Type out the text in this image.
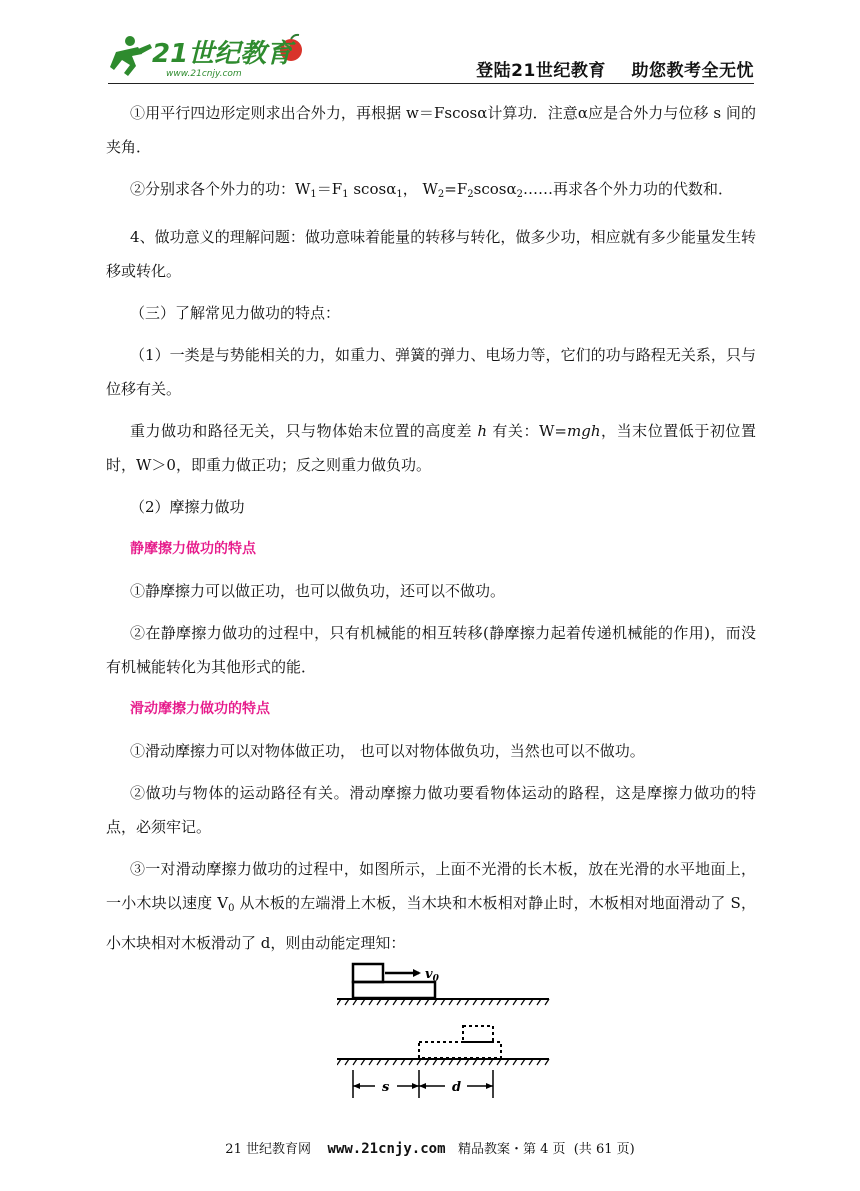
21世纪教育
www.21cnjy.com	登陆21世纪教育    助您教考全无忧

①用平行四边形定则求出合外力，再根据 w＝Fscosα计算功．注意α应是合外力与位移 s 间的夹角．

②分别求各个外力的功：$W_1=F_1$ scosα$_1$， $W_2=F_2scos\alpha_2\dots\dots$再求各个外力功的代数和．

4、做功意义的理解问题：做功意味着能量的转移与转化，做多少功，相应就有多少能量发生转移或转化。

（三）了解常见力做功的特点：

（1）一类是与势能相关的力，如重力、弹簧的弹力、电场力等，它们的功与路程无关系，只与位移有关。

重力做功和路径无关，只与物体始末位置的高度差 h 有关：W=mgh，当末位置低于初位置时，W＞0，即重力做正功；反之则重力做负功。

（2）摩擦力做功

静摩擦力做功的特点

①静摩擦力可以做正功，也可以做负功，还可以不做功。

②在静摩擦力做功的过程中，只有机械能的相互转移(静摩擦力起着传递机械能的作用)，而没有机械能转化为其他形式的能．

滑动摩擦力做功的特点

①滑动摩擦力可以对物体做正功， 也可以对物体做负功，当然也可以不做功。

②做功与物体的运动路径有关。滑动摩擦力做功要看物体运动的路程，这是摩擦力做功的特点，必须牢记。

③一对滑动摩擦力做功的过程中，如图所示，上面不光滑的长木板，放在光滑的水平地面上，一小木块以速度 $V_0$ 从木板的左端滑上木板，当木块和木板相对静止时，木板相对地面滑动了 S，小木块相对木板滑动了 d，则由动能定理知：

$v_0$
s	d
21 世纪教育网 www.21cnjy.com 精品教案・第 4 页  (共 61 页)
